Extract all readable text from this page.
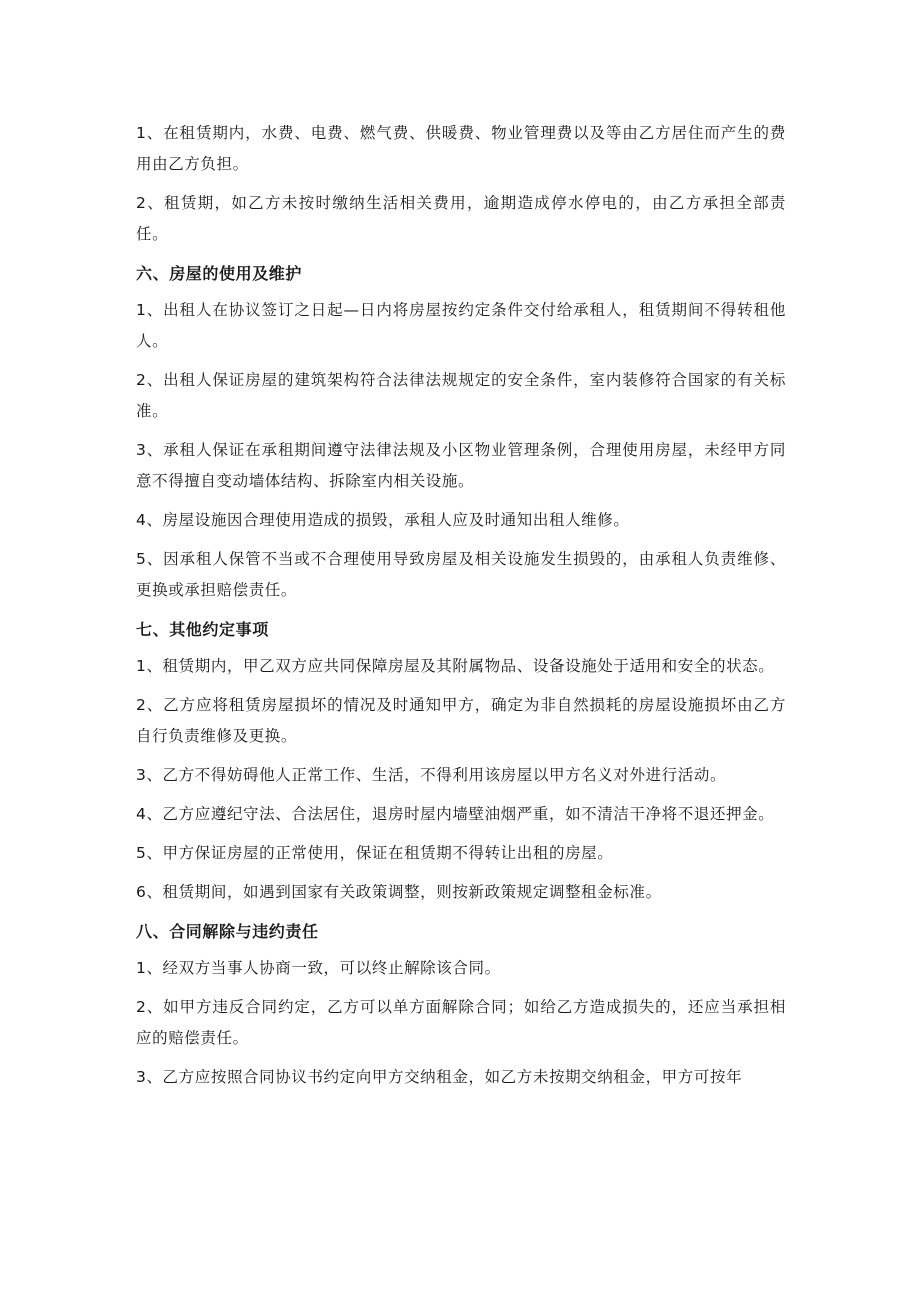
1、在租赁期内，水费、电费、燃气费、供暖费、物业管理费以及等由乙方居住而产生的费用由乙方负担。

2、租赁期，如乙方未按时缴纳生活相关费用，逾期造成停水停电的，由乙方承担全部责任。

六、房屋的使用及维护

1、出租人在协议签订之日起—日内将房屋按约定条件交付给承租人，租赁期间不得转租他人。

2、出租人保证房屋的建筑架构符合法律法规规定的安全条件，室内装修符合国家的有关标准。

3、承租人保证在承租期间遵守法律法规及小区物业管理条例，合理使用房屋，未经甲方同意不得擅自变动墙体结构、拆除室内相关设施。

4、房屋设施因合理使用造成的损毁，承租人应及时通知出租人维修。

5、因承租人保管不当或不合理使用导致房屋及相关设施发生损毁的，由承租人负责维修、更换或承担赔偿责任。

七、其他约定事项

1、租赁期内，甲乙双方应共同保障房屋及其附属物品、设备设施处于适用和安全的状态。

2、乙方应将租赁房屋损坏的情况及时通知甲方，确定为非自然损耗的房屋设施损坏由乙方自行负责维修及更换。

3、乙方不得妨碍他人正常工作、生活，不得利用该房屋以甲方名义对外进行活动。

4、乙方应遵纪守法、合法居住，退房时屋内墙壁油烟严重，如不清洁干净将不退还押金。

5、甲方保证房屋的正常使用，保证在租赁期不得转让出租的房屋。

6、租赁期间，如遇到国家有关政策调整，则按新政策规定调整租金标准。

八、合同解除与违约责任

1、经双方当事人协商一致，可以终止解除该合同。

2、如甲方违反合同约定，乙方可以单方面解除合同；如给乙方造成损失的，还应当承担相应的赔偿责任。

3、乙方应按照合同协议书约定向甲方交纳租金，如乙方未按期交纳租金，甲方可按年
